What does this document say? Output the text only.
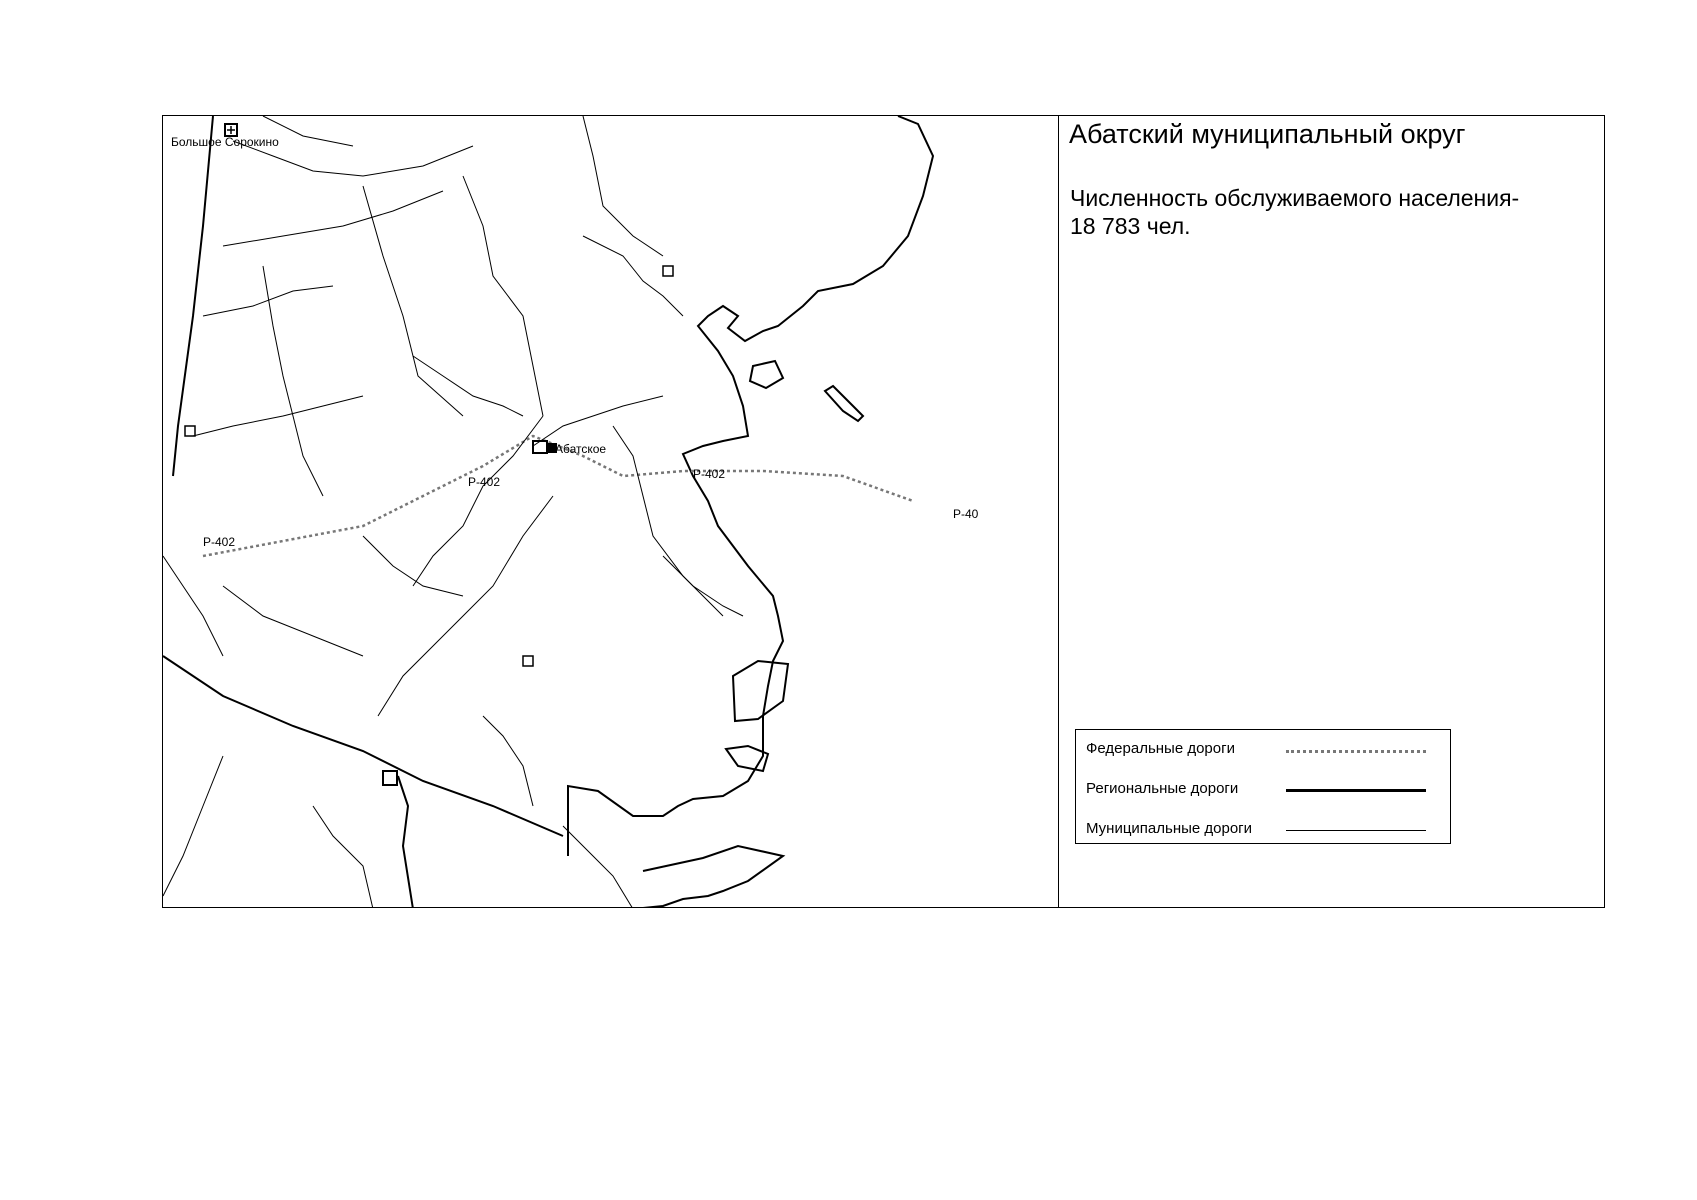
Большое Сорокино
Абатское
Р-402
Р-402
Р-402
Р-40
Абатский муниципальный округ
Численность обслуживаемого населения-
18 783 чел.
Федеральные дороги
Региональные дороги
Муниципальные дороги
